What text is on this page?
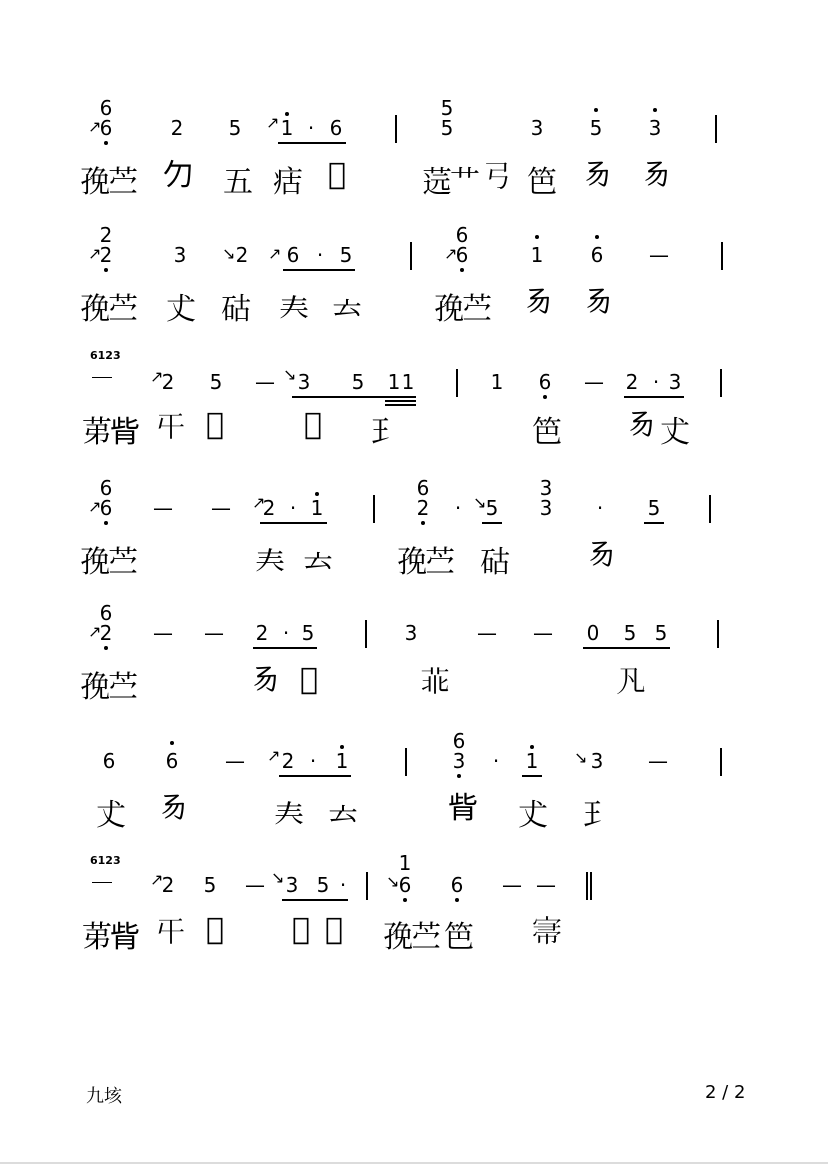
6
↗
6	2 5 ↗ 1 · 6
5
5	3 5 3
㝃苎 𠚣 五 㽽 𠯠	䓕艹 𢎗 笆 𠃓 𠃓
2
↗
2	3 ↘ 2 ↗ 6 · 5
6
↗
6	1 6 —
㝃苎 𠀋 𥑮 𡗗 𠫓 㝃苎 𠃓 𠃓
6123
↗
2 5 — ↘ 3 5 1 1	1 6 — 2 · 3
苐𦙼 𡕒 𠯠	𢵜 𤣩	笆 𠃓 𠀋
6
↗
6 — — ↗
2 · 1
6
2 · ↘ 5
3
3 · 5
㝃苎	𡗗 𠫓 㝃苎 𥑮	𠃓
6
↗
2 — — 2 · 5	3	— — 0 5 5
㝃苎	𠃓 𠯠	𦮃	𠁽
6	6 — ↗ 2 · 1
6
3 · 1 ↘ 3 —
𠀋 𠃓	𡗗 𠫓	𦙼 𠀋 𤣩
6123
↗
2 5 — ↘ 3 5 ·
1
↘ 6 6 — —
苐𦙼 𡕒 𠯠 𢵜 𠯠 㝃苎 笆 𡨦
九垓	2 / 2
